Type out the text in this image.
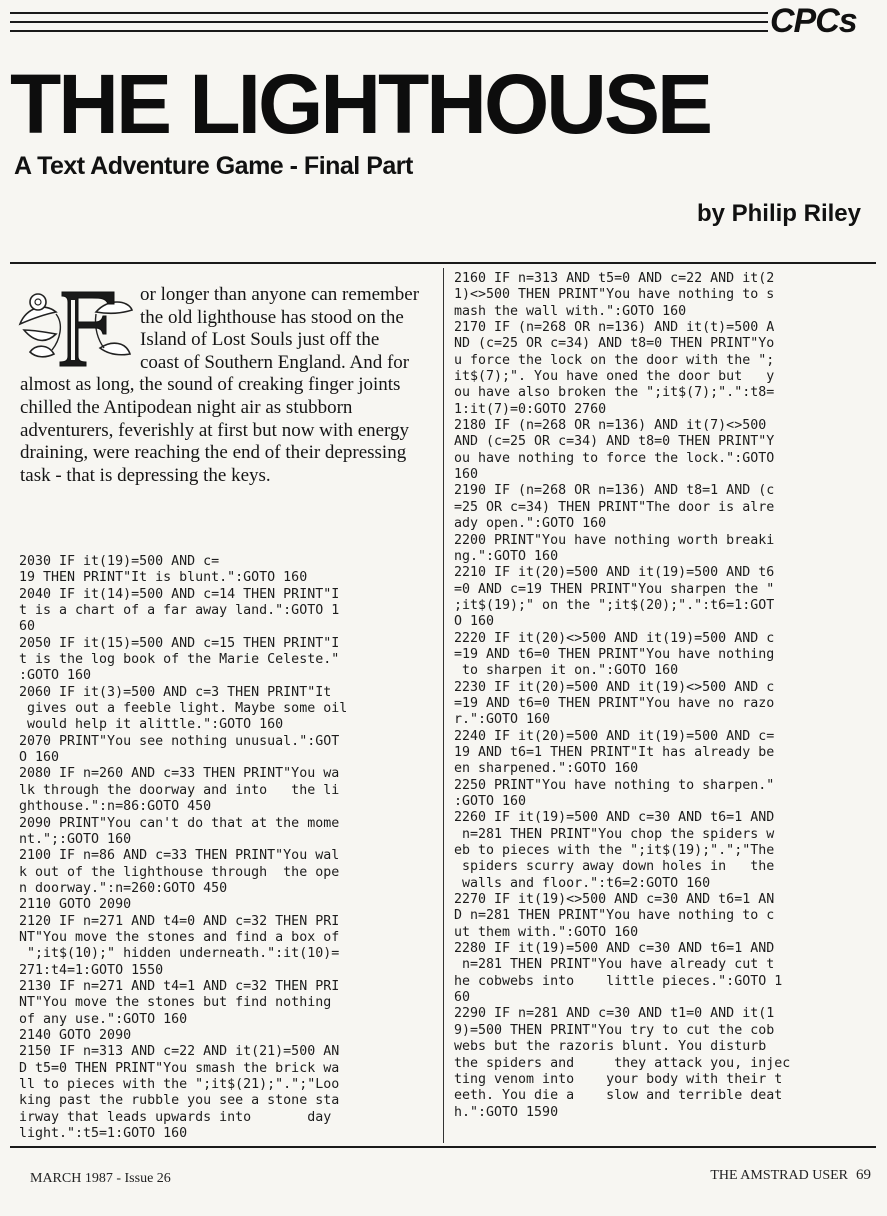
CPCs
THE LIGHTHOUSE
A Text Adventure Game - Final Part
by Philip Riley

or longer than anyone can remember the old lighthouse has stood on the Island of Lost Souls just off the coast of Southern England. And for almost as long, the sound of creaking finger joints chilled the Antipodean night air as stubborn adventurers, feverishly at first but now with energy draining, were reaching the end of their depressing task - that is depressing the keys.

2030 IF it(19)=500 AND c=
19 THEN PRINT"It is blunt.":GOTO 160
2040 IF it(14)=500 AND c=14 THEN PRINT"I
t is a chart of a far away land.":GOTO 1
60
2050 IF it(15)=500 AND c=15 THEN PRINT"I
t is the log book of the Marie Celeste."
:GOTO 160
2060 IF it(3)=500 AND c=3 THEN PRINT"It
gives out a feeble light. Maybe some oil
would help it alittle.":GOTO 160
2070 PRINT"You see nothing unusual.":GOT
O 160
2080 IF n=260 AND c=33 THEN PRINT"You wa
lk through the doorway and into   the li
ghthouse.":n=86:GOTO 450
2090 PRINT"You can't do that at the mome
nt.";:GOTO 160
2100 IF n=86 AND c=33 THEN PRINT"You wal
k out of the lighthouse through  the ope
n doorway.":n=260:GOTO 450
2110 GOTO 2090
2120 IF n=271 AND t4=0 AND c=32 THEN PRI
NT"You move the stones and find a box of
";it$(10);" hidden underneath.":it(10)=
271:t4=1:GOTO 1550
2130 IF n=271 AND t4=1 AND c=32 THEN PRI
NT"You move the stones but find nothing
of any use.":GOTO 160
2140 GOTO 2090
2150 IF n=313 AND c=22 AND it(21)=500 AN
D t5=0 THEN PRINT"You smash the brick wa
ll to pieces with the ";it$(21);".";"Loo
king past the rubble you see a stone sta
irway that leads upwards into       day
light.":t5=1:GOTO 160
2160 IF n=313 AND t5=0 AND c=22 AND it(2
1)<>500 THEN PRINT"You have nothing to s
mash the wall with.":GOTO 160
2170 IF (n=268 OR n=136) AND it(t)=500 A
ND (c=25 OR c=34) AND t8=0 THEN PRINT"Yo
u force the lock on the door with the ";
it$(7);". You have oned the door but   y
ou have also broken the ";it$(7);".":t8=
1:it(7)=0:GOTO 2760
2180 IF (n=268 OR n=136) AND it(7)<>500
AND (c=25 OR c=34) AND t8=0 THEN PRINT"Y
ou have nothing to force the lock.":GOTO
160
2190 IF (n=268 OR n=136) AND t8=1 AND (c
=25 OR c=34) THEN PRINT"The door is alre
ady open.":GOTO 160
2200 PRINT"You have nothing worth breaki
ng.":GOTO 160
2210 IF it(20)=500 AND it(19)=500 AND t6
=0 AND c=19 THEN PRINT"You sharpen the "
;it$(19);" on the ";it$(20);".":t6=1:GOT
O 160
2220 IF it(20)<>500 AND it(19)=500 AND c
=19 AND t6=0 THEN PRINT"You have nothing
to sharpen it on.":GOTO 160
2230 IF it(20)=500 AND it(19)<>500 AND c
=19 AND t6=0 THEN PRINT"You have no razo
r.":GOTO 160
2240 IF it(20)=500 AND it(19)=500 AND c=
19 AND t6=1 THEN PRINT"It has already be
en sharpened.":GOTO 160
2250 PRINT"You have nothing to sharpen."
:GOTO 160
2260 IF it(19)=500 AND c=30 AND t6=1 AND
n=281 THEN PRINT"You chop the spiders w
eb to pieces with the ";it$(19);".";"The
spiders scurry away down holes in   the
walls and floor.":t6=2:GOTO 160
2270 IF it(19)<>500 AND c=30 AND t6=1 AN
D n=281 THEN PRINT"You have nothing to c
ut them with.":GOTO 160
2280 IF it(19)=500 AND c=30 AND t6=1 AND
n=281 THEN PRINT"You have already cut t
he cobwebs into    little pieces.":GOTO 1
60
2290 IF n=281 AND c=30 AND t1=0 AND it(1
9)=500 THEN PRINT"You try to cut the cob
webs but the razoris blunt. You disturb
the spiders and     they attack you, injec
ting venom into    your body with their t
eeth. You die a    slow and terrible deat
h.":GOTO 1590
MARCH 1987 - Issue 26	THE AMSTRAD USER 69
